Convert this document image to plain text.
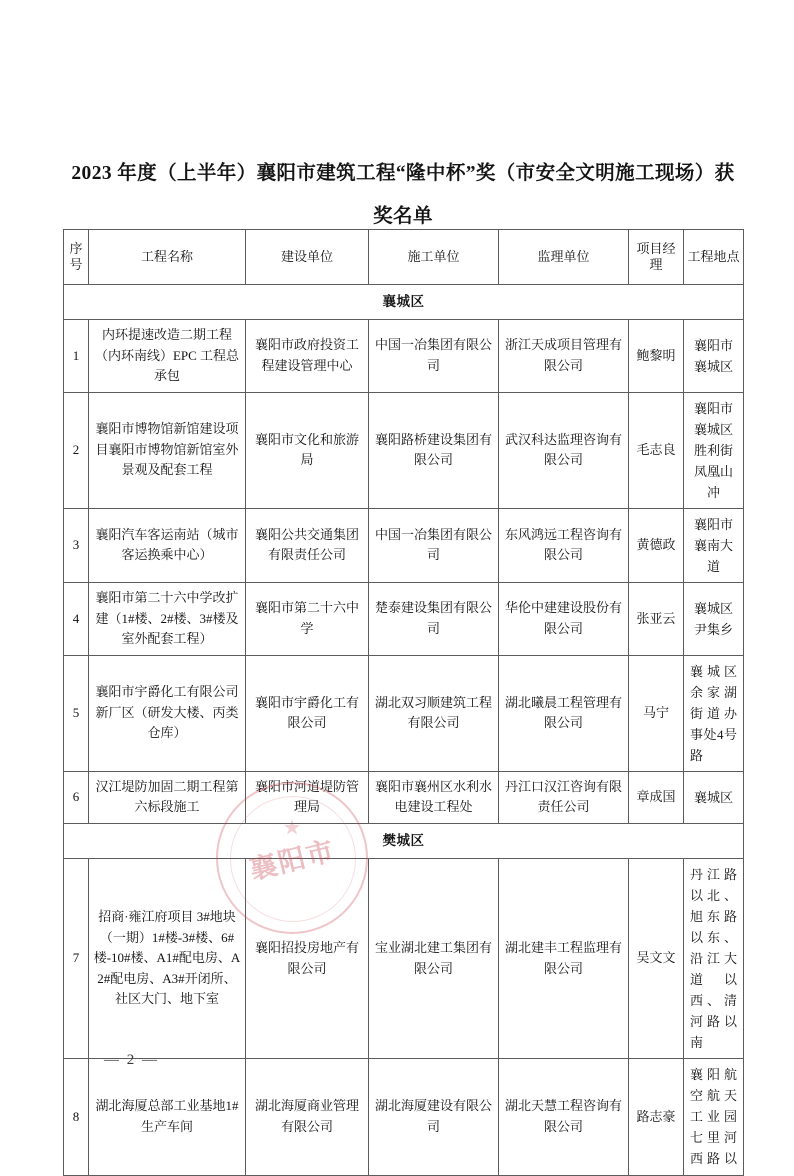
2023 年度（上半年）襄阳市建筑工程“隆中杯”奖（市安全文明施工现场）获奖名单
序号	工程名称	建设单位	施工单位	监理单位	项目经理	工程地点
襄城区						
1	内环提速改造二期工程（内环南线）EPC 工程总承包	襄阳市政府投资工程建设管理中心	中国一冶集团有限公司	浙江天成项目管理有限公司	鲍黎明	襄阳市襄城区
2	襄阳市博物馆新馆建设项目襄阳市博物馆新馆室外景观及配套工程	襄阳市文化和旅游局	襄阳路桥建设集团有限公司	武汉科达监理咨询有限公司	毛志良	襄阳市襄城区胜利街凤凰山冲
3	襄阳汽车客运南站（城市客运换乘中心）	襄阳公共交通集团有限责任公司	中国一冶集团有限公司	东风鸿远工程咨询有限公司	黄德政	襄阳市襄南大道
4	襄阳市第二十六中学改扩建（1#楼、2#楼、3#楼及室外配套工程）	襄阳市第二十六中学	楚泰建设集团有限公司	华伦中建建设股份有限公司	张亚云	襄城区尹集乡
5	襄阳市宇爵化工有限公司新厂区（研发大楼、丙类仓库）	襄阳市宇爵化工有限公司	湖北双习顺建筑工程有限公司	湖北曦晨工程管理有限公司	马宁	襄城区余家湖街道办事处4号路
6	汉江堤防加固二期工程第六标段施工	襄阳市河道堤防管理局	襄阳市襄州区水利水电建设工程处	丹江口汉江咨询有限责任公司	章成国	襄城区
樊城区						
7	招商·雍江府项目 3#地块（一期）1#楼-3#楼、6#楼-10#楼、A1#配电房、A2#配电房、A3#开闭所、社区大门、地下室	襄阳招投房地产有限公司	宝业湖北建工集团有限公司	湖北建丰工程监理有限公司	吴文文	丹江路以北、旭东路以东、沿江大道以西、清河路以南
8	湖北海厦总部工业基地1#生产车间	湖北海厦商业管理有限公司	湖北海厦建设有限公司	湖北天慧工程咨询有限公司	路志豪	襄阳航空航天工业园七里河西路以
★
襄阳市
— 2 —
